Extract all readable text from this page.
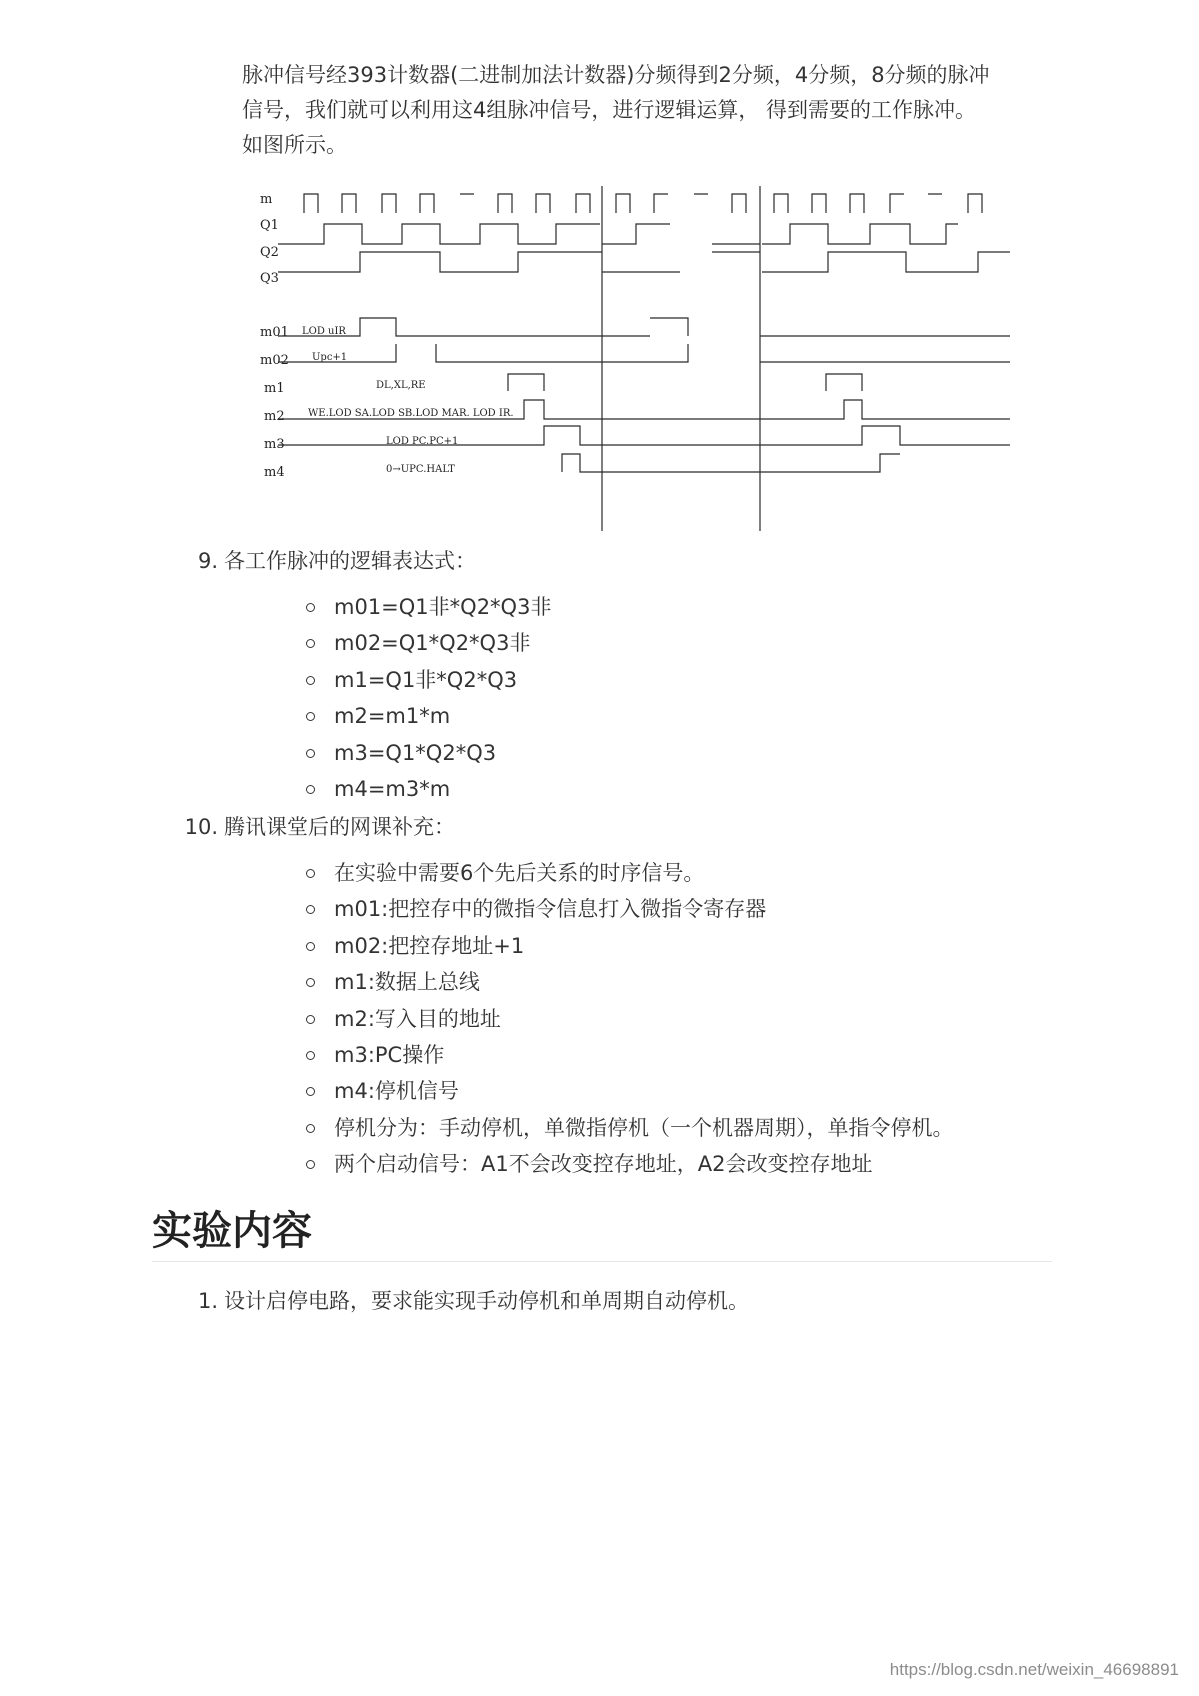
脉冲信号经393计数器(二进制加法计数器)分频得到2分频，4分频，8分频的脉冲

信号，我们就可以利用这4组脉冲信号，进行逻辑运算， 得到需要的工作脉冲。

如图所示。

m
Q1
Q2
Q3
m01
m02
m1
m2
m3
m4
LOD uIR
Upc+1
DL,XL,RE
WE.LOD SA.LOD SB.LOD MAR. LOD IR.
LOD PC.PC+1
0→UPC.HALT
9. 各工作脉冲的逻辑表达式：
m01=Q1非*Q2*Q3非
m02=Q1*Q2*Q3非
m1=Q1非*Q2*Q3
m2=m1*m
m3=Q1*Q2*Q3
m4=m3*m
10. 腾讯课堂后的网课补充：
在实验中需要6个先后关系的时序信号。
m01:把控存中的微指令信息打入微指令寄存器
m02:把控存地址+1
m1:数据上总线
m2:写入目的地址
m3:PC操作
m4:停机信号
停机分为：手动停机，单微指停机（一个机器周期），单指令停机。
两个启动信号：A1不会改变控存地址，A2会改变控存地址
实验内容
1. 设计启停电路，要求能实现手动停机和单周期自动停机。
https://blog.csdn.net/weixin_46698891
